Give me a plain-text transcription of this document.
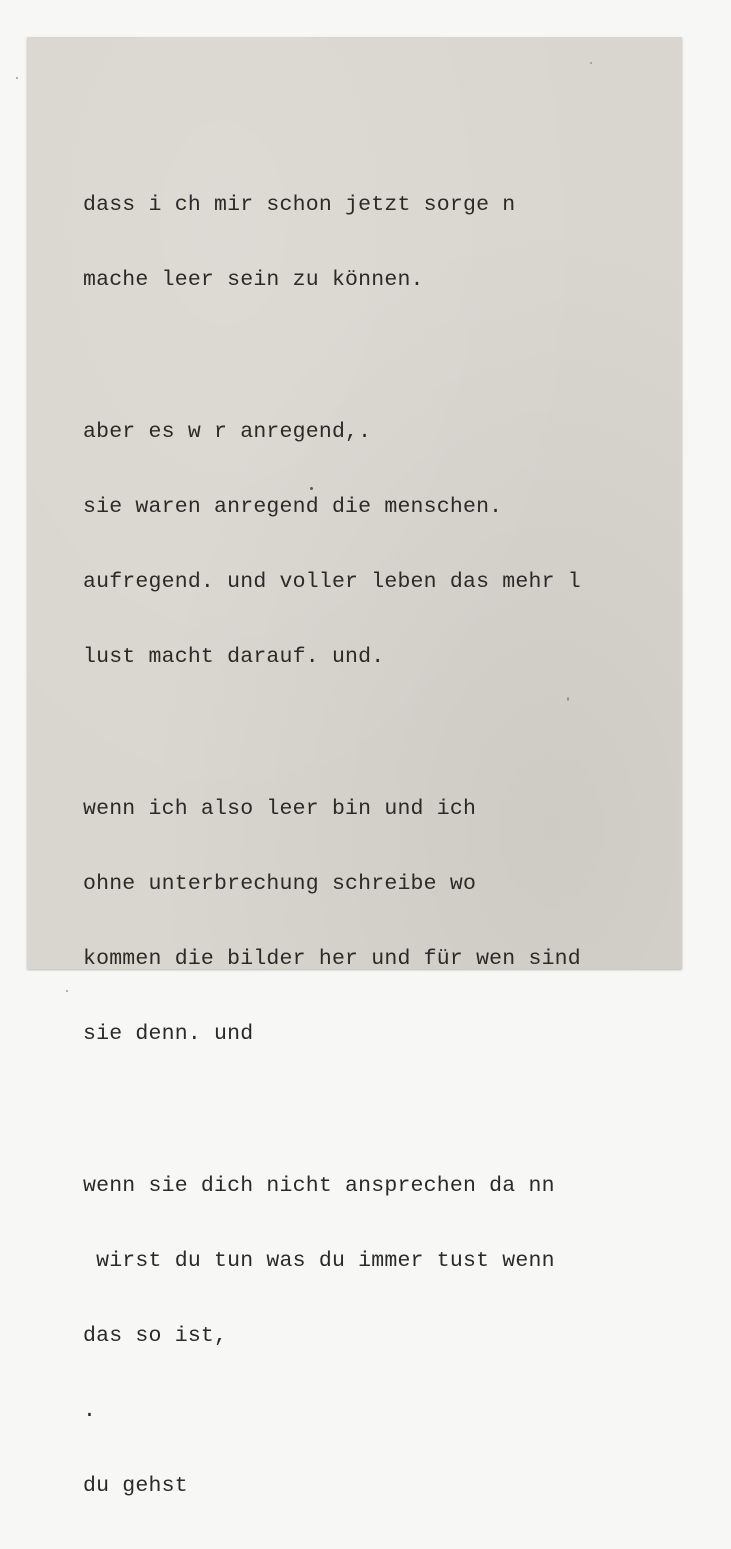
dass i ch mir schon jetzt sorge n

mache leer sein zu können.

aber es w r anregend,.

sie waren anregend die menschen.

aufregend. und voller leben das mehr l

lust macht darauf. und.

wenn ich also leer bin und ich

ohne unterbrechung schreibe wo

kommen die bilder her und für wen sind

sie denn. und

wenn sie dich nicht ansprechen da nn

wirst du tun was du immer tust wenn

das so ist,

.

du gehst
